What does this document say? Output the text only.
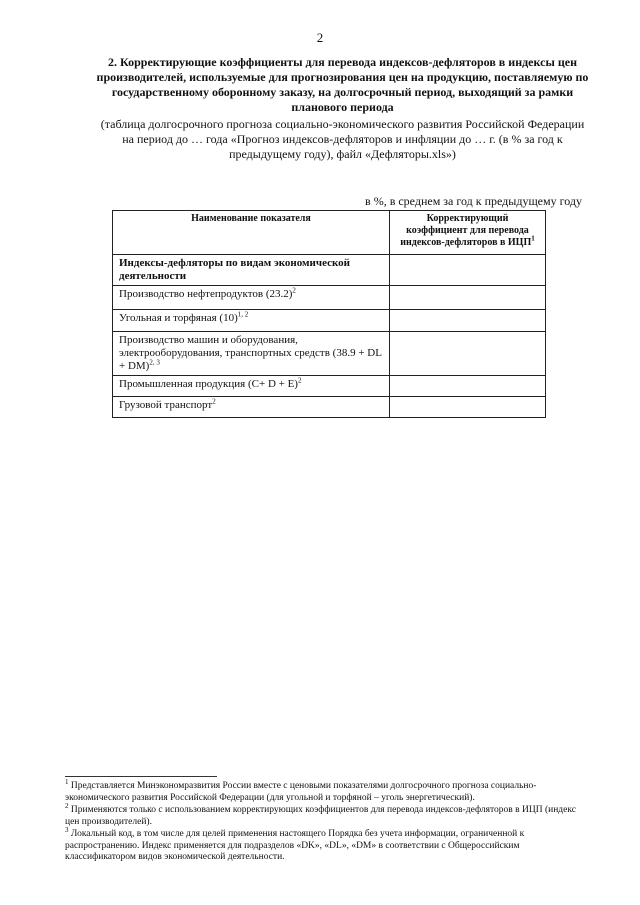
2
2. Корректирующие коэффициенты для перевода индексов-дефляторов в индексы цен производителей, используемые для прогнозирования цен на продукцию, поставляемую по государственному оборонному заказу, на долгосрочный период, выходящий за рамки планового периода
(таблица долгосрочного прогноза социально-экономического развития Российской Федерации на период до … года «Прогноз индексов-дефляторов и инфляции до … г. (в % за год к предыдущему году), файл «Дефляторы.xls»)
в %, в среднем за год к предыдущему году
Наименование показателя	Корректирующий коэффициент для перевода индексов-дефляторов в ИЦП$^1$
Индексы-дефляторы по видам экономической деятельности	
Производство нефтепродуктов $(23.2)^2$	
Угольная и торфяная $(10)^{1, 2}$	
Производство машин и оборудования, электрооборудования, транспортных средств (38.9 + DL + DM)$^{2, 3}$	
Промышленная продукция $(C+ D + E)^2$	
Грузовой транспорт$^2$	

$^1$ Представляется Минэкономразвития России вместе с ценовыми показателями долгосрочного прогноза социально-экономического развития Российской Федерации (для угольной и торфяной – уголь энергетический).

$^2$ Применяются только с использованием корректирующих коэффициентов для перевода индексов-дефляторов в ИЦП (индекс цен производителей).

$^3$ Локальный код, в том числе для целей применения настоящего Порядка без учета информации, ограниченной к распространению. Индекс применяется для подразделов «DK», «DL», «DM» в соответствии с Общероссийским классификатором видов экономической деятельности.
